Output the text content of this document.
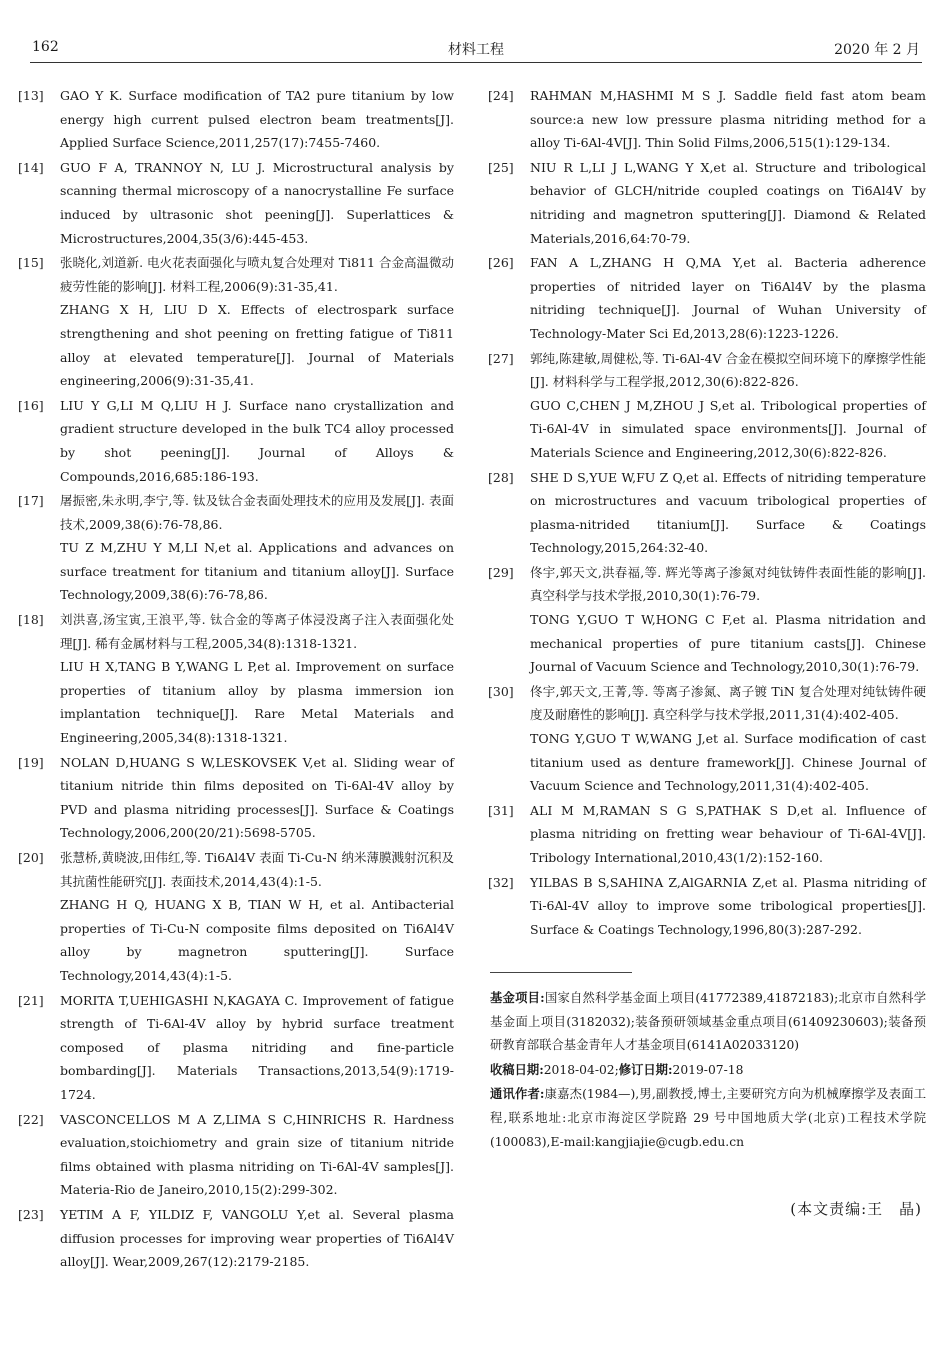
162	材料工程	2020 年 2 月
[13]	GAO Y K. Surface modification of TA2 pure titanium by low energy high current pulsed electron beam treatments[J]. Applied Surface Science,2011,257(17):7455-7460.

[14]	GUO F A, TRANNOY N, LU J. Microstructural analysis by scanning thermal microscopy of a nanocrystalline Fe surface induced by ultrasonic shot peening[J]. Superlattices & Microstructures,2004,35(3/6):445-453.

[15]	张晓化,刘道新. 电火花表面强化与喷丸复合处理对 Ti811 合金高温微动疲劳性能的影响[J]. 材料工程,2006(9):31-35,41.

ZHANG X H, LIU D X. Effects of electrospark surface strengthening and shot peening on fretting fatigue of Ti811 alloy at elevated temperature[J]. Journal of Materials engineering,2006(9):31-35,41.

[16]	LIU Y G,LI M Q,LIU H J. Surface nano crystallization and gradient structure developed in the bulk TC4 alloy processed by shot peening[J]. Journal of Alloys & Compounds,2016,685:186-193.

[17]	屠振密,朱永明,李宁,等. 钛及钛合金表面处理技术的应用及发展[J]. 表面技术,2009,38(6):76-78,86.

TU Z M,ZHU Y M,LI N,et al. Applications and advances on surface treatment for titanium and titanium alloy[J]. Surface Technology,2009,38(6):76-78,86.

[18]	刘洪喜,汤宝寅,王浪平,等. 钛合金的等离子体浸没离子注入表面强化处理[J]. 稀有金属材料与工程,2005,34(8):1318-1321.

LIU H X,TANG B Y,WANG L P,et al. Improvement on surface properties of titanium alloy by plasma immersion ion implantation technique[J]. Rare Metal Materials and Engineering,2005,34(8):1318-1321.

[19]	NOLAN D,HUANG S W,LESKOVSEK V,et al. Sliding wear of titanium nitride thin films deposited on Ti-6Al-4V alloy by PVD and plasma nitriding processes[J]. Surface & Coatings Technology,2006,200(20/21):5698-5705.

[20]	张慧桥,黄晓波,田伟红,等. Ti6Al4V 表面 Ti-Cu-N 纳米薄膜溅射沉积及其抗菌性能研究[J]. 表面技术,2014,43(4):1-5.

ZHANG H Q, HUANG X B, TIAN W H, et al. Antibacterial properties of Ti-Cu-N composite films deposited on Ti6Al4V alloy by magnetron sputtering[J]. Surface Technology,2014,43(4):1-5.

[21]	MORITA T,UEHIGASHI N,KAGAYA C. Improvement of fatigue strength of Ti-6Al-4V alloy by hybrid surface treatment composed of plasma nitriding and fine-particle bombarding[J]. Materials Transactions,2013,54(9):1719-1724.

[22]	VASCONCELLOS M A Z,LIMA S C,HINRICHS R. Hardness evaluation,stoichiometry and grain size of titanium nitride films obtained with plasma nitriding on Ti-6Al-4V samples[J]. Materia-Rio de Janeiro,2010,15(2):299-302.

[23]	YETIM A F, YILDIZ F, VANGOLU Y,et al. Several plasma diffusion processes for improving wear properties of Ti6Al4V alloy[J]. Wear,2009,267(12):2179-2185.

[24]	RAHMAN M,HASHMI M S J. Saddle field fast atom beam source:a new low pressure plasma nitriding method for a alloy Ti-6Al-4V[J]. Thin Solid Films,2006,515(1):129-134.

[25]	NIU R L,LI J L,WANG Y X,et al. Structure and tribological behavior of GLCH/nitride coupled coatings on Ti6Al4V by nitriding and magnetron sputtering[J]. Diamond & Related Materials,2016,64:70-79.

[26]	FAN A L,ZHANG H Q,MA Y,et al. Bacteria adherence properties of nitrided layer on Ti6Al4V by the plasma nitriding technique[J]. Journal of Wuhan University of Technology-Mater Sci Ed,2013,28(6):1223-1226.

[27]	郭纯,陈建敏,周健松,等. Ti-6Al-4V 合金在模拟空间环境下的摩擦学性能[J]. 材料科学与工程学报,2012,30(6):822-826.

GUO C,CHEN J M,ZHOU J S,et al. Tribological properties of Ti-6Al-4V in simulated space environments[J]. Journal of Materials Science and Engineering,2012,30(6):822-826.

[28]	SHE D S,YUE W,FU Z Q,et al. Effects of nitriding temperature on microstructures and vacuum tribological properties of plasma-nitrided titanium[J]. Surface & Coatings Technology,2015,264:32-40.

[29]	佟宇,郭天文,洪春福,等. 辉光等离子渗氮对纯钛铸件表面性能的影响[J]. 真空科学与技术学报,2010,30(1):76-79.

TONG Y,GUO T W,HONG C F,et al. Plasma nitridation and mechanical properties of pure titanium casts[J]. Chinese Journal of Vacuum Science and Technology,2010,30(1):76-79.

[30]	佟宇,郭天文,王菁,等. 等离子渗氮、离子镀 TiN 复合处理对纯钛铸件硬度及耐磨性的影响[J]. 真空科学与技术学报,2011,31(4):402-405.

TONG Y,GUO T W,WANG J,et al. Surface modification of cast titanium used as denture framework[J]. Chinese Journal of Vacuum Science and Technology,2011,31(4):402-405.

[31]	ALI M M,RAMAN S G S,PATHAK S D,et al. Influence of plasma nitriding on fretting wear behaviour of Ti-6Al-4V[J]. Tribology International,2010,43(1/2):152-160.

[32]	YILBAS B S,SAHINA Z,AlGARNIA Z,et al. Plasma nitriding of Ti-6Al-4V alloy to improve some tribological properties[J]. Surface & Coatings Technology,1996,80(3):287-292.

基金项目:国家自然科学基金面上项目(41772389,41872183);北京市自然科学基金面上项目(3182032);装备预研领域基金重点项目(61409230603);装备预研教育部联合基金青年人才基金项目(6141A02033120)

收稿日期:2018-04-02;修订日期:2019-07-18

通讯作者:康嘉杰(1984—),男,副教授,博士,主要研究方向为机械摩擦学及表面工程,联系地址:北京市海淀区学院路 29 号中国地质大学(北京)工程技术学院(100083),E-mail:kangjiajie@cugb.edu.cn

(本文责编:王　晶)
